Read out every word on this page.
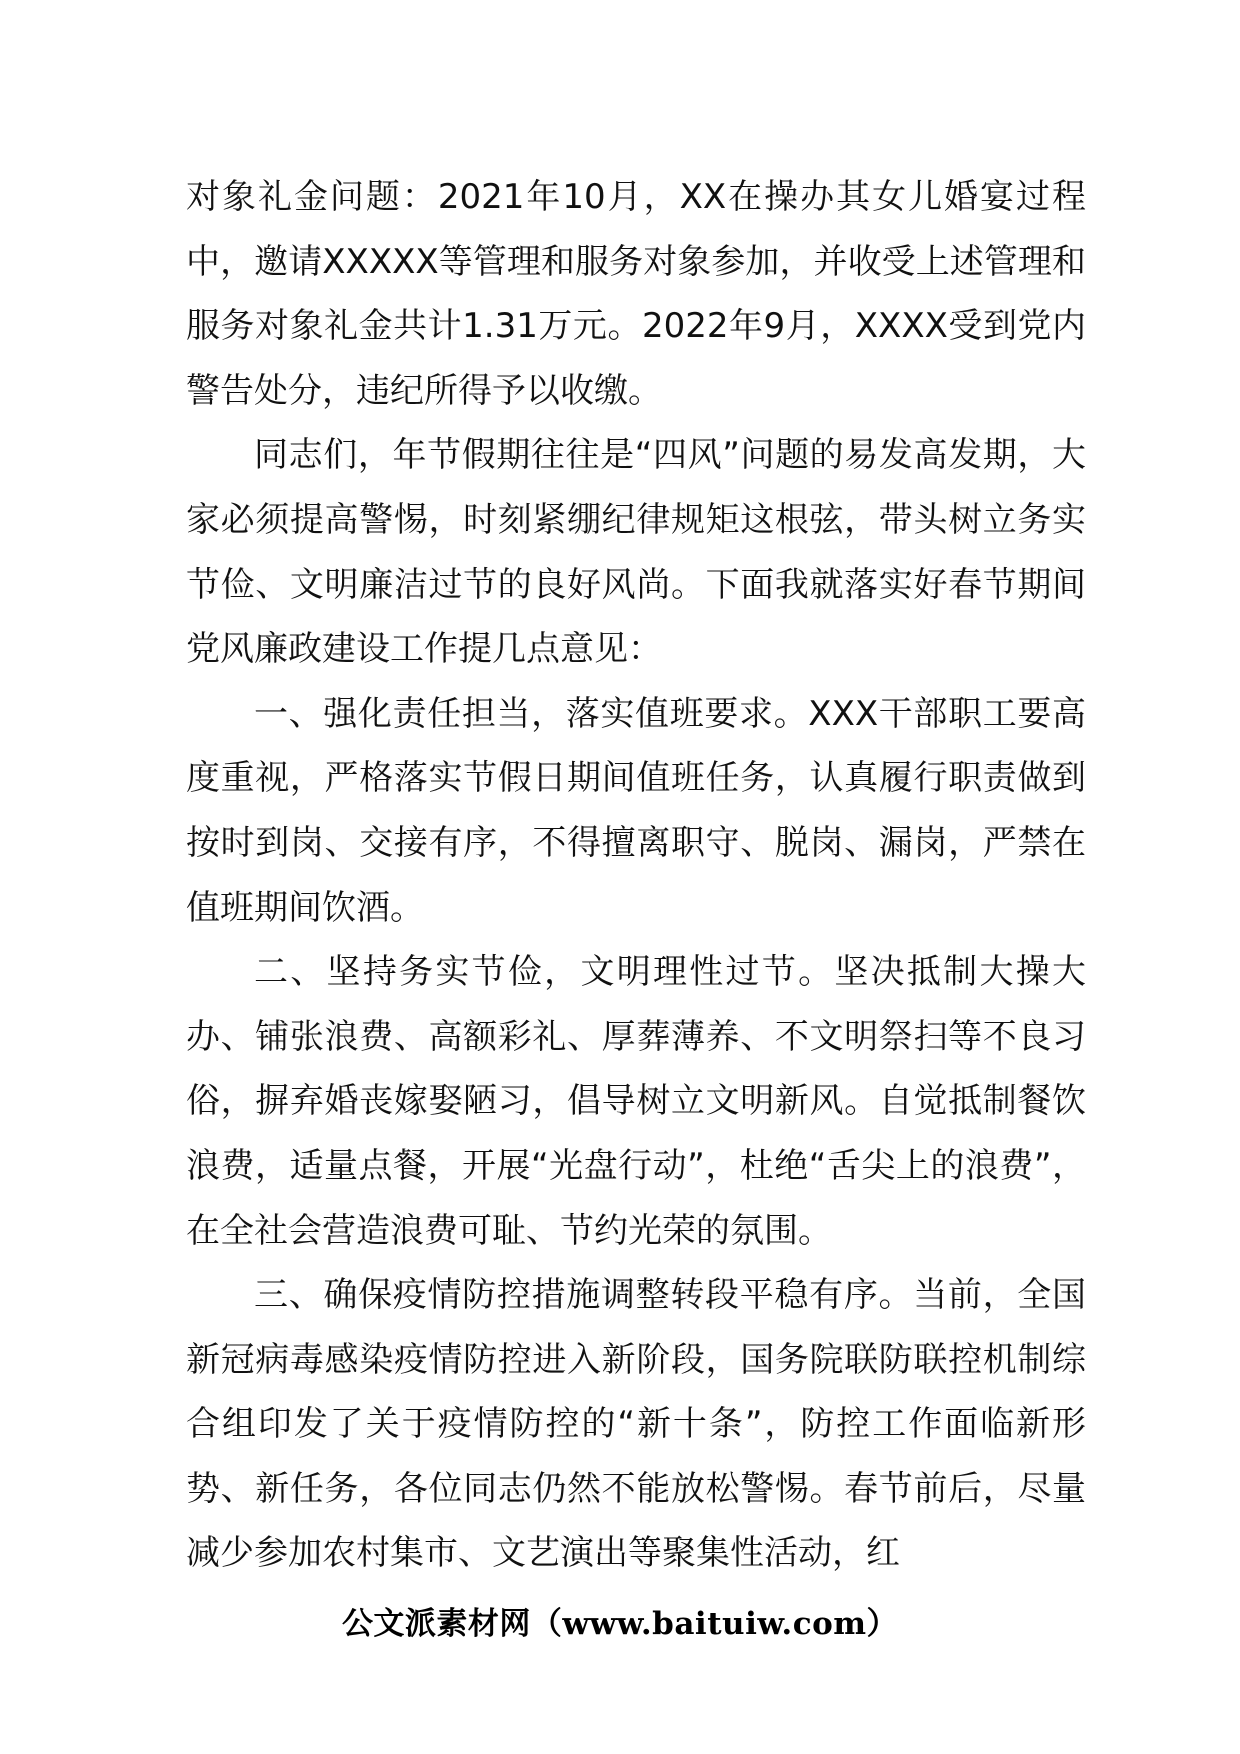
对象礼金问题：2021年10月，XX在操办其女儿婚宴过程中，邀请XXXXX等管理和服务对象参加，并收受上述管理和服务对象礼金共计1.31万元。2022年9月，XXXX受到党内警告处分，违纪所得予以收缴。

同志们，年节假期往往是“四风”问题的易发高发期，大家必须提高警惕，时刻紧绷纪律规矩这根弦，带头树立务实节俭、文明廉洁过节的良好风尚。下面我就落实好春节期间党风廉政建设工作提几点意见：

一、强化责任担当，落实值班要求。XXX干部职工要高度重视，严格落实节假日期间值班任务，认真履行职责做到按时到岗、交接有序，不得擅离职守、脱岗、漏岗，严禁在值班期间饮酒。

二、坚持务实节俭，文明理性过节。坚决抵制大操大办、铺张浪费、高额彩礼、厚葬薄养、不文明祭扫等不良习俗，摒弃婚丧嫁娶陋习，倡导树立文明新风。自觉抵制餐饮浪费，适量点餐，开展“光盘行动”，杜绝“舌尖上的浪费”，在全社会营造浪费可耻、节约光荣的氛围。

三、确保疫情防控措施调整转段平稳有序。当前，全国新冠病毒感染疫情防控进入新阶段，国务院联防联控机制综合组印发了关于疫情防控的“新十条”，防控工作面临新形势、新任务，各位同志仍然不能放松警惕。春节前后，尽量减少参加农村集市、文艺演出等聚集性活动，红

公文派素材网（www.baituiw.com）
